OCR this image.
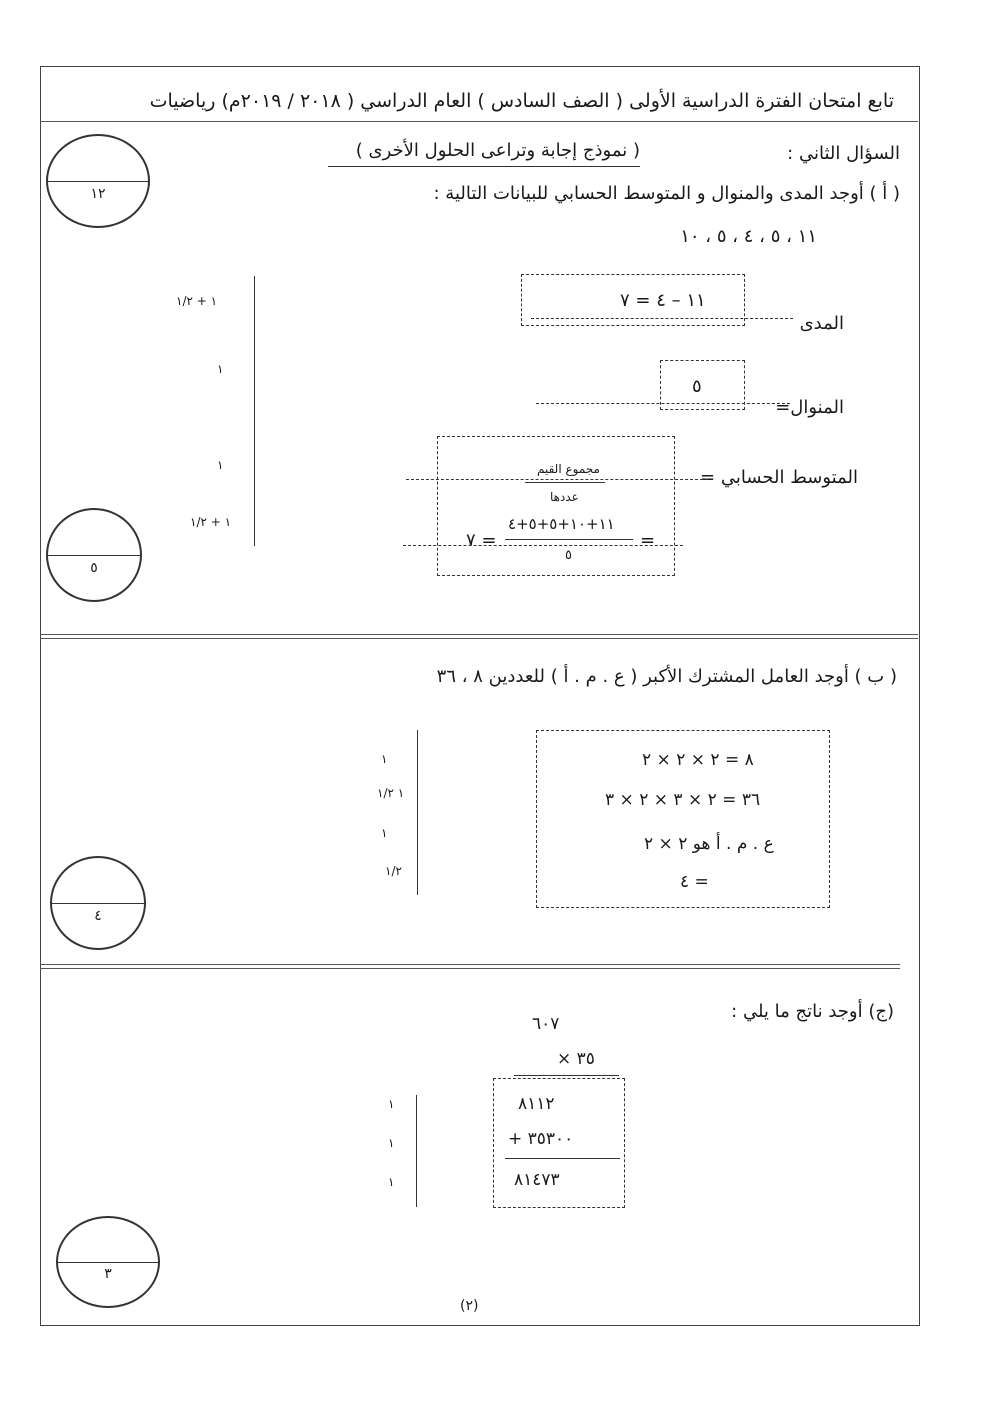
تابع امتحان الفترة الدراسية الأولى ( الصف السادس ) العام الدراسي ( ٢٠١٨ / ٢٠١٩م) رياضيات
السؤال الثاني :
( نموذج إجابة وتراعى الحلول الأخرى )
١٢	( أ ) أوجد المدى والمنوال و المتوسط الحسابي للبيانات التالية :
١١ ، ٥ ، ٤ ، ٥ ، ١٠
١ + ١/٢
١
١
١ + ١/٢
المدى
١١ – ٤ = ٧
المنوال=
٥
المتوسط الحسابي =
مجموع القيم
عددها
١١+١٠+٥+٥+٤
٥
= ٧	=
٥
( ب ) أوجد العامل المشترك الأكبر ( ع . م . أ ) للعددين ٨ ، ٣٦
١
١ ١/٢
١
١/٢
٨ = ٢ × ٢ × ٢
٣٦ = ٢ × ٣ × ٢ × ٣
ع . م . أ هو ٢ × ٢
= ٤
٤
(ج) أوجد ناتج ما يلي :
٦٠٧
× ٣٥
٨١١٢
+ ٣٥٣٠٠
٨١٤٧٣
١
١
١
٣
(٢)
